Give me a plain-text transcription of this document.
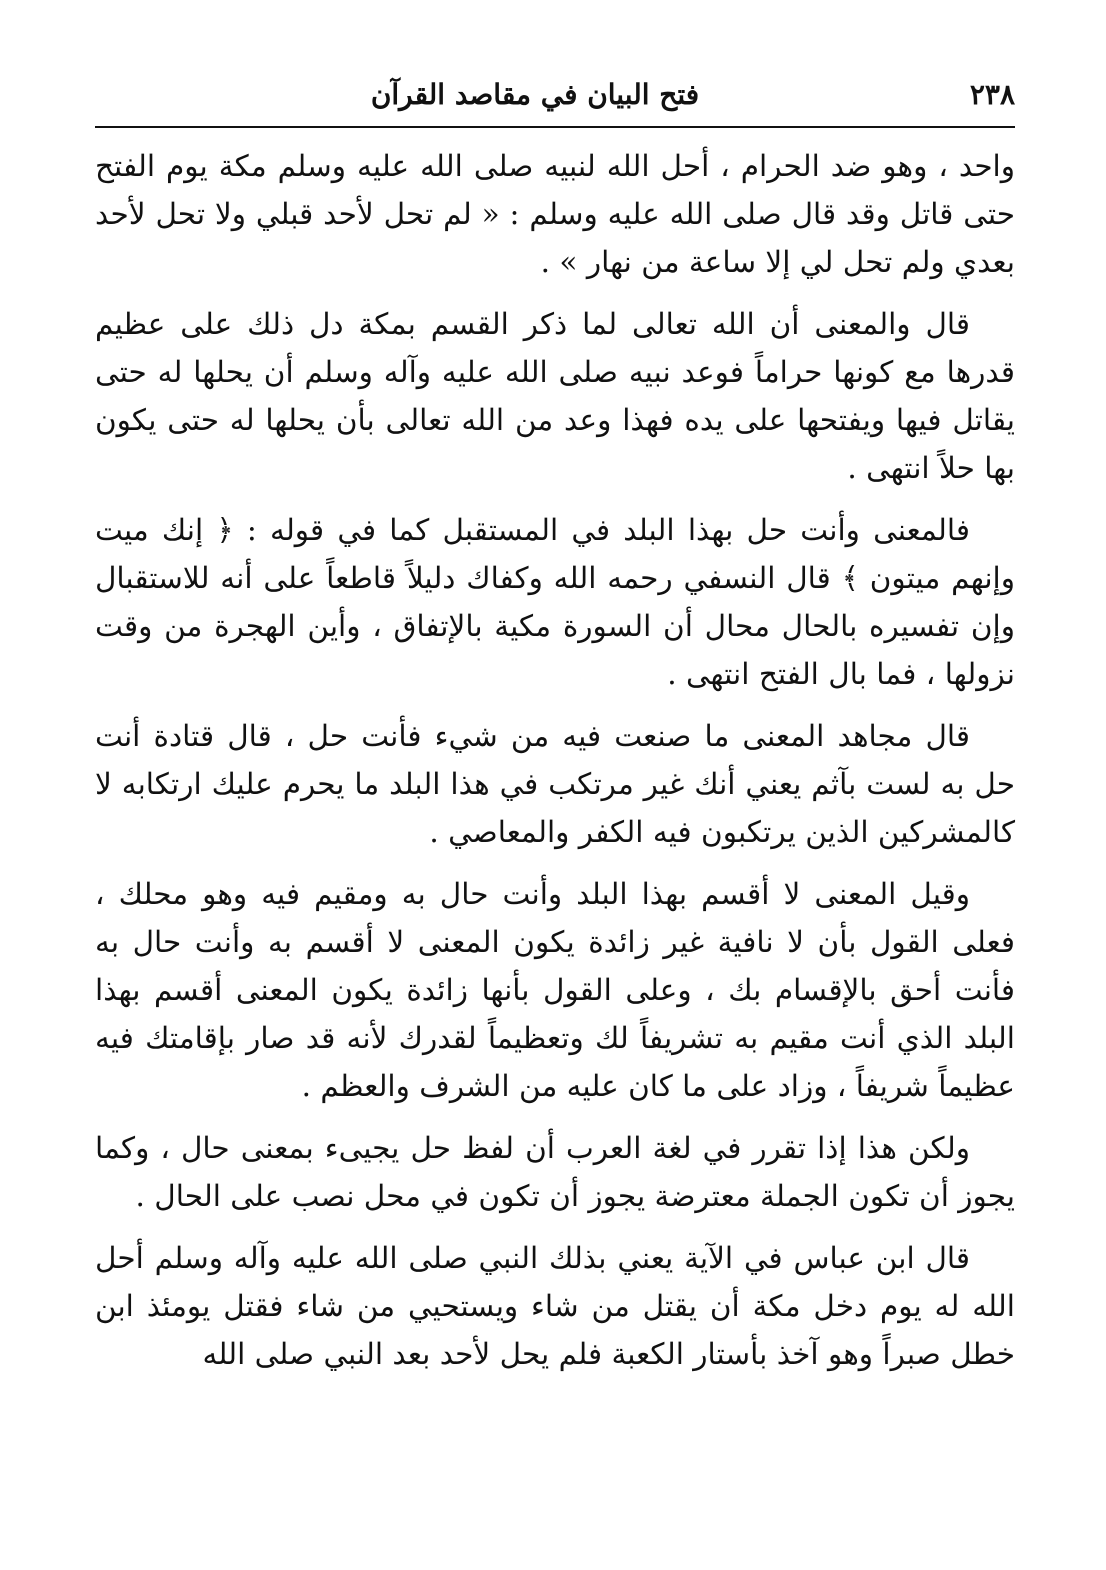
٢٣٨
فتح البيان في مقاصد القرآن

واحد ، وهو ضد الحرام ، أحل الله لنبيه صلى الله عليه وسلم مكة يوم الفتح حتى قاتل وقد قال صلى الله عليه وسلم : « لم تحل لأحد قبلي ولا تحل لأحد بعدي ولم تحل لي إلا ساعة من نهار » .

قال والمعنى أن الله تعالى لما ذكر القسم بمكة دل ذلك على عظيم قدرها مع كونها حراماً فوعد نبيه صلى الله عليه وآله وسلم أن يحلها له حتى يقاتل فيها ويفتحها على يده فهذا وعد من الله تعالى بأن يحلها له حتى يكون بها حلاً انتهى .

فالمعنى وأنت حل بهذا البلد في المستقبل كما في قوله : ﴿ إنك ميت وإنهم ميتون ﴾ قال النسفي رحمه الله وكفاك دليلاً قاطعاً على أنه للاستقبال وإن تفسيره بالحال محال أن السورة مكية بالإتفاق ، وأين الهجرة من وقت نزولها ، فما بال الفتح انتهى .

قال مجاهد المعنى ما صنعت فيه من شيء فأنت حل ، قال قتادة أنت حل به لست بآثم يعني أنك غير مرتكب في هذا البلد ما يحرم عليك ارتكابه لا كالمشركين الذين يرتكبون فيه الكفر والمعاصي .

وقيل المعنى لا أقسم بهذا البلد وأنت حال به ومقيم فيه وهو محلك ، فعلى القول بأن لا نافية غير زائدة يكون المعنى لا أقسم به وأنت حال به فأنت أحق بالإقسام بك ، وعلى القول بأنها زائدة يكون المعنى أقسم بهذا البلد الذي أنت مقيم به تشريفاً لك وتعظيماً لقدرك لأنه قد صار بإقامتك فيه عظيماً شريفاً ، وزاد على ما كان عليه من الشرف والعظم .

ولكن هذا إذا تقرر في لغة العرب أن لفظ حل يجيىء بمعنى حال ، وكما يجوز أن تكون الجملة معترضة يجوز أن تكون في محل نصب على الحال .

قال ابن عباس في الآية يعني بذلك النبي صلى الله عليه وآله وسلم أحل الله له يوم دخل مكة أن يقتل من شاء ويستحيي من شاء فقتل يومئذ ابن خطل صبراً وهو آخذ بأستار الكعبة فلم يحل لأحد بعد النبي صلى الله
